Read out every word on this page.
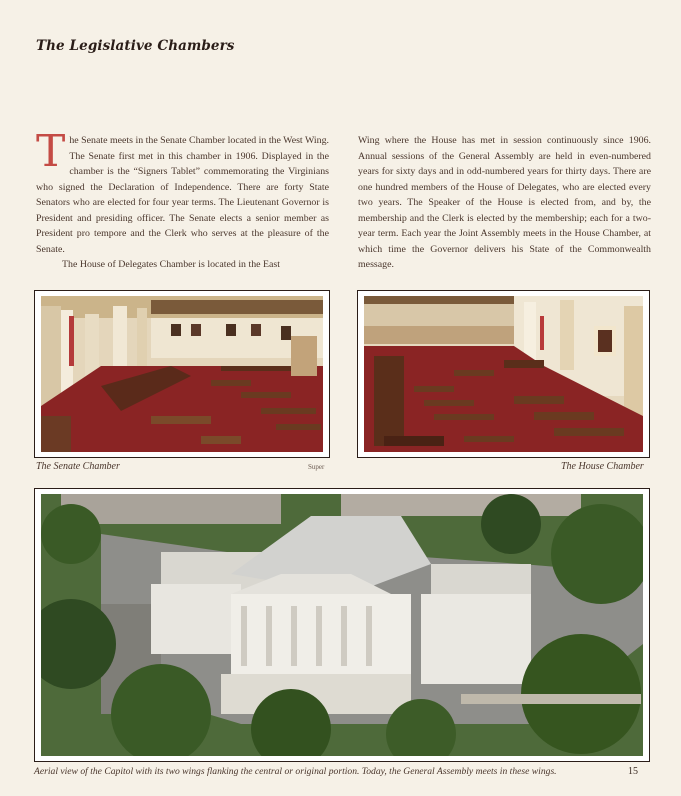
The Legislative Chambers

The Senate meets in the Senate Chamber located in the West Wing. The Senate first met in this chamber in 1906. Displayed in the chamber is the “Signers Tablet” commemorating the Virginians who signed the Declaration of Independence. There are forty State Senators who are elected for four year terms. The Lieutenant Governor is President and presiding officer. The Senate elects a senior member as President pro tempore and the Clerk who serves at the pleasure of the Senate.

The House of Delegates Chamber is located in the East

Wing where the House has met in session continuously since 1906. Annual sessions of the General Assembly are held in even-numbered years for sixty days and in odd-numbered years for thirty days. There are one hundred members of the House of Delegates, who are elected every two years. The Speaker of the House is elected from, and by, the membership and the Clerk is elected by the membership; each for a two-year term. Each year the Joint Assembly meets in the House Chamber, at which time the Governor delivers his State of the Commonwealth message.

The Senate Chamber	Super	The House Chamber

Aerial view of the Capitol with its two wings flanking the central or original portion. Today, the General Assembly meets in these wings.	15
